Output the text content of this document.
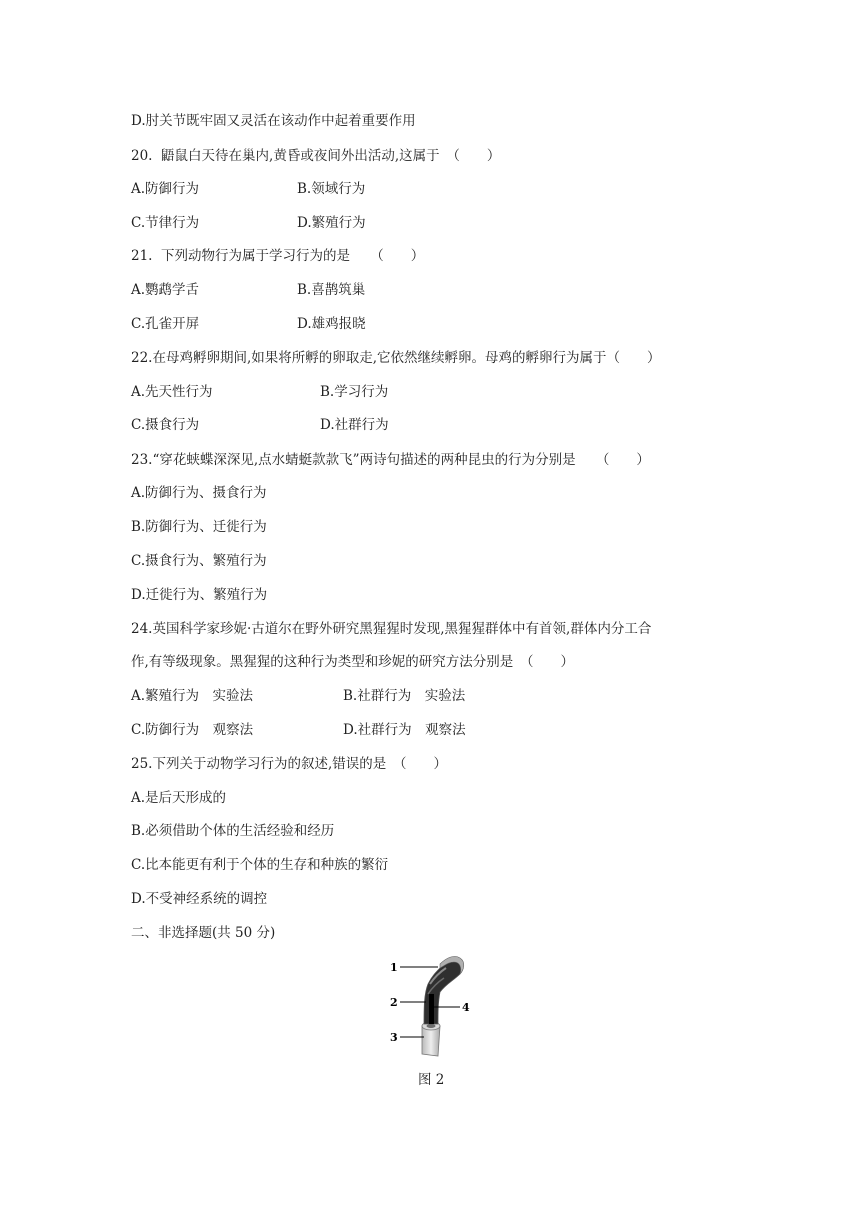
D.肘关节既牢固又灵活在该动作中起着重要作用
20.  鼯鼠白天待在巢内,黄昏或夜间外出活动,这属于　（　　）
A.防御行为	B.领域行为
C.节律行为	D.繁殖行为
21.  下列动物行为属于学习行为的是　　（　　）
A.鹦鹉学舌	B.喜鹊筑巢
C.孔雀开屏	D.雄鸡报晓
22.在母鸡孵卵期间,如果将所孵的卵取走,它依然继续孵卵。母鸡的孵卵行为属于（　　）
A.先天性行为	B.学习行为
C.摄食行为	D.社群行为
23.“穿花蛱蝶深深见,点水蜻蜓款款飞”两诗句描述的两种昆虫的行为分别是　　（　　）
A.防御行为、摄食行为
B.防御行为、迁徙行为
C.摄食行为、繁殖行为
D.迁徙行为、繁殖行为
24.英国科学家珍妮·古道尔在野外研究黑猩猩时发现,黑猩猩群体中有首领,群体内分工合
作,有等级现象。黑猩猩的这种行为类型和珍妮的研究方法分别是　（　　）
A.繁殖行为　实验法	B.社群行为　实验法
C.防御行为　观察法	D.社群行为　观察法
25.下列关于动物学习行为的叙述,错误的是　（　　）
A.是后天形成的
B.必须借助个体的生活经验和经历
C.比本能更有利于个体的生存和种族的繁衍
D.不受神经系统的调控
二、非选择题(共 50 分)
1
2
3
4
图 2
